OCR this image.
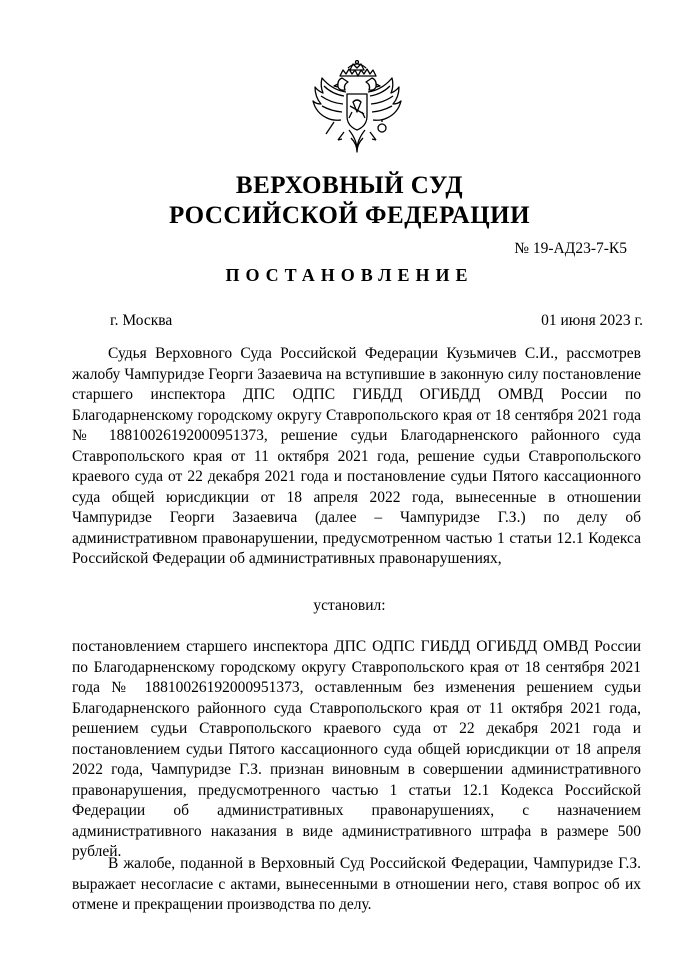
ВЕРХОВНЫЙ СУД
РОССИЙСКОЙ ФЕДЕРАЦИИ
№ 19-АД23-7-К5
ПОСТАНОВЛЕНИЕ
г. Москва	01 июня 2023 г.

Судья Верховного Суда Российской Федерации Кузьмичев С.И., рассмотрев жалобу Чампуридзе Георги Зазаевича на вступившие в законную силу постановление старшего инспектора ДПС ОДПС ГИБДД ОГИБДД ОМВД России по Благодарненскому городскому округу Ставропольского края от 18 сентября 2021 года № 18810026192000951373, решение судьи Благодарненского районного суда Ставропольского края от 11 октября 2021 года, решение судьи Ставропольского краевого суда от 22 декабря 2021 года и постановление судьи Пятого кассационного суда общей юрисдикции от 18 апреля 2022 года, вынесенные в отношении Чампуридзе Георги Зазаевича (далее – Чампуридзе Г.З.) по делу об административном правонарушении, предусмотренном частью 1 статьи 12.1 Кодекса Российской Федерации об административных правонарушениях,

установил:

постановлением старшего инспектора ДПС ОДПС ГИБДД ОГИБДД ОМВД России по Благодарненскому городскому округу Ставропольского края от 18 сентября 2021 года № 18810026192000951373, оставленным без изменения решением судьи Благодарненского районного суда Ставропольского края от 11 октября 2021 года, решением судьи Ставропольского краевого суда от 22 декабря 2021 года и постановлением судьи Пятого кассационного суда общей юрисдикции от 18 апреля 2022 года, Чампуридзе Г.З. признан виновным в совершении административного правонарушения, предусмотренного частью 1 статьи 12.1 Кодекса Российской Федерации об административных правонарушениях, с назначением административного наказания в виде административного штрафа в размере 500 рублей.

В жалобе, поданной в Верховный Суд Российской Федерации, Чампуридзе Г.З. выражает несогласие с актами, вынесенными в отношении него, ставя вопрос об их отмене и прекращении производства по делу.
